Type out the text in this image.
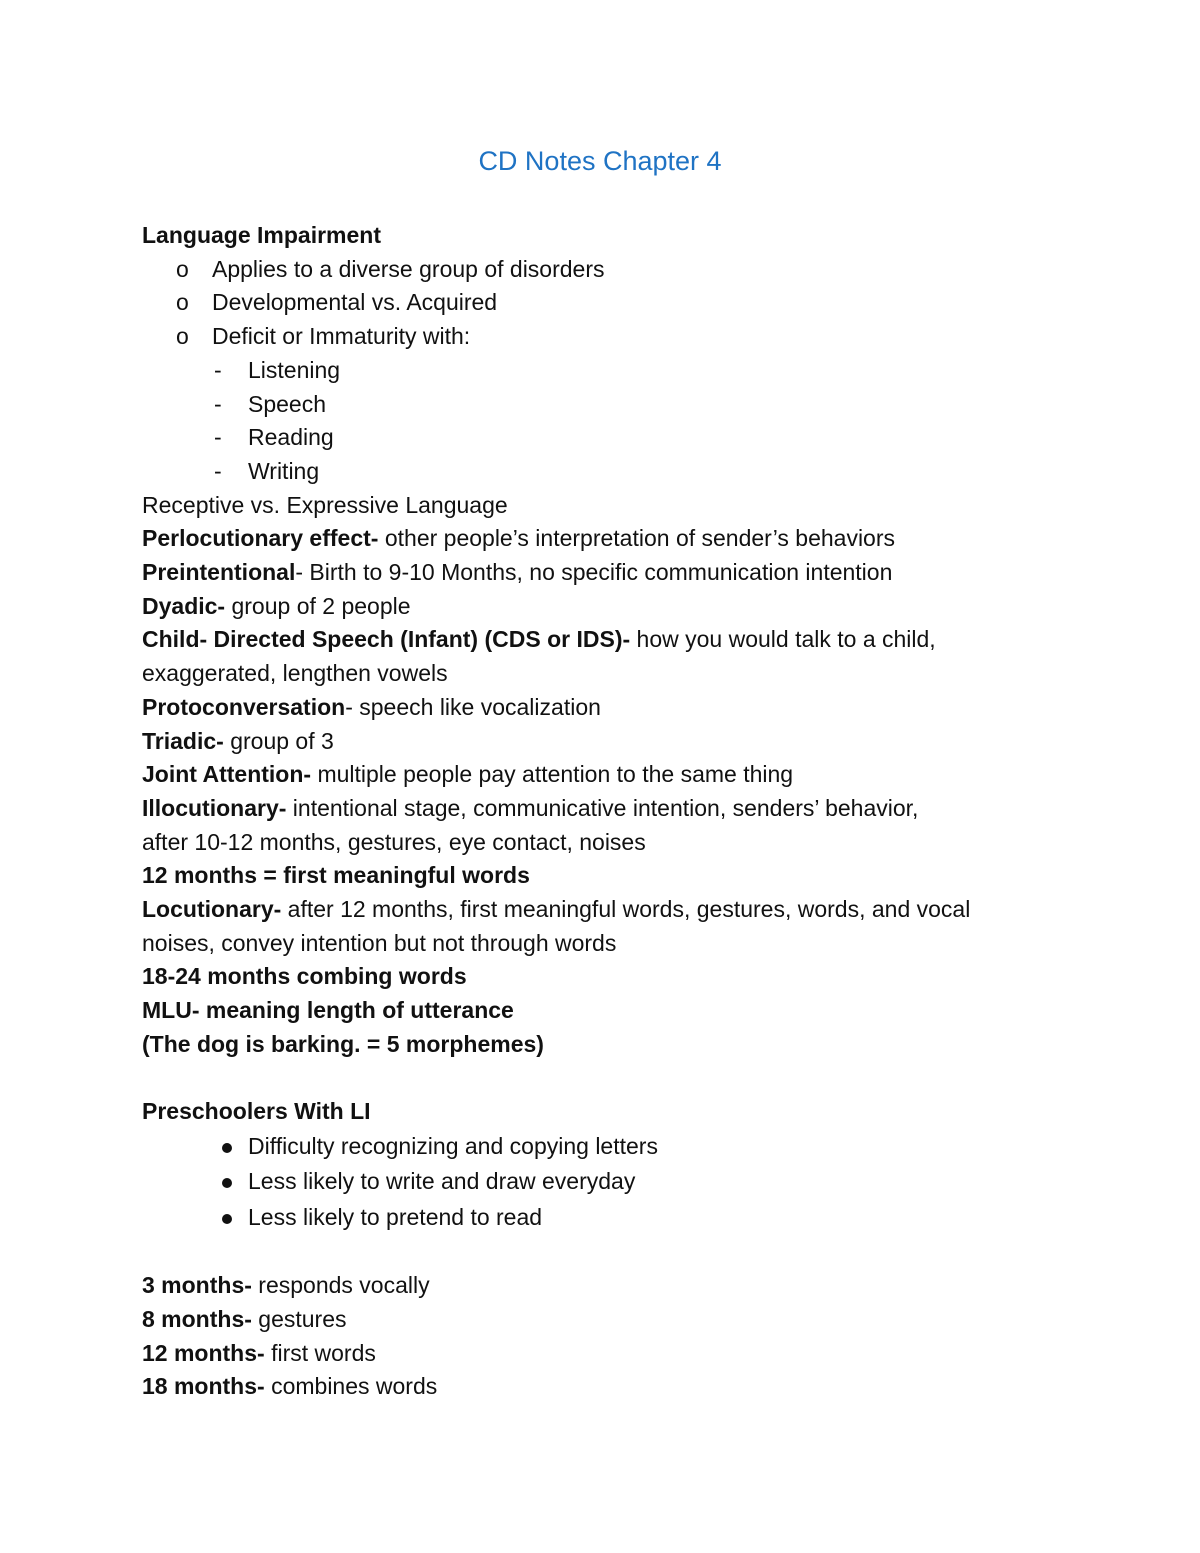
CD Notes Chapter 4
Language Impairment
o Applies to a diverse group of disorders
o Developmental vs. Acquired
o Deficit or Immaturity with:
- Listening
- Speech
- Reading
- Writing
Receptive vs. Expressive Language
Perlocutionary effect- other people’s interpretation of sender’s behaviors
Preintentional- Birth to 9-10 Months, no specific communication intention
Dyadic- group of 2 people
Child- Directed Speech (Infant) (CDS or IDS)- how you would talk to a child,
exaggerated, lengthen vowels
Protoconversation- speech like vocalization
Triadic- group of 3
Joint Attention- multiple people pay attention to the same thing
Illocutionary- intentional stage, communicative intention, senders’ behavior,
after 10-12 months, gestures, eye contact, noises
12 months = first meaningful words
Locutionary- after 12 months, first meaningful words, gestures, words, and vocal
noises, convey intention but not through words
18-24 months combing words
MLU- meaning length of utterance
(The dog is barking. = 5 morphemes)
Preschoolers With LI
Difficulty recognizing and copying letters
Less likely to write and draw everyday
Less likely to pretend to read
3 months- responds vocally
8 months- gestures
12 months- first words
18 months- combines words
